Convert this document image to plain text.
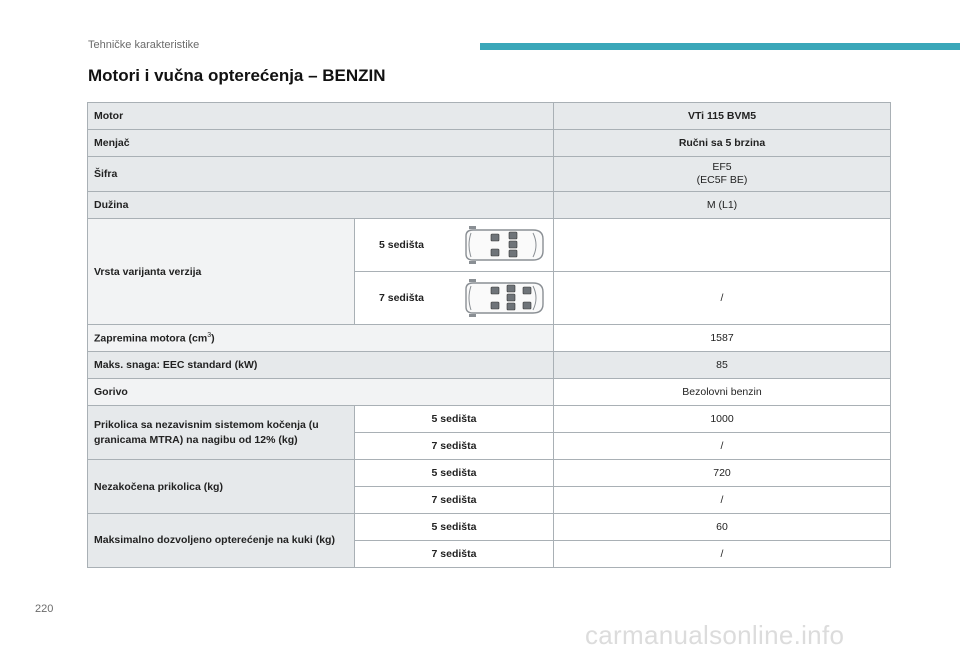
Tehničke karakteristike
Motori i vučna opterećenja – BENZIN
Motor		VTi 115 BVM5
Menjač		Ručni sa 5 brzina
Šifra		EF5
(EC5F BE)

Dužina		M (L1)
Vrsta varijanta verzija	5 sedišta	

	7 sedišta	/
Zapremina motora $(cm^3)$		1587
Maks. snaga: EEC standard (kW)		85
Gorivo		Bezolovni benzin
Prikolica sa nezavisnim sistemom kočenja (u granicama MTRA) na nagibu od 12% (kg)	5 sedišta	1000
	7 sedišta	/
Nezakočena prikolica (kg)	5 sedišta	720
	7 sedišta	/
Maksimalno dozvoljeno opterećenje na kuki (kg)	5 sedišta	60
	7 sedišta	/
220
carmanualsonline.info
